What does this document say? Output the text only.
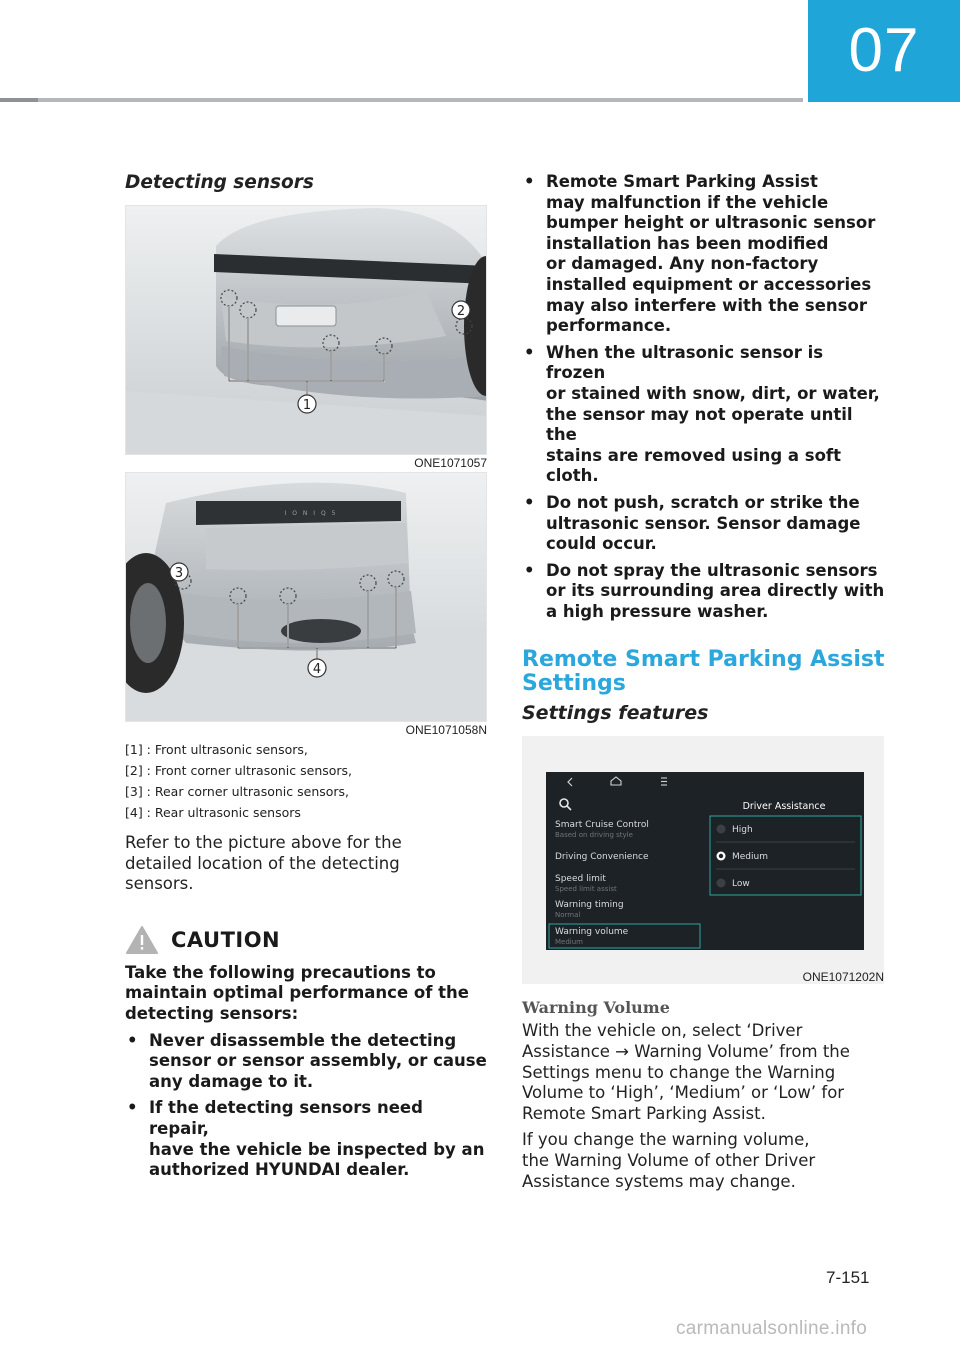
07
Detecting sensors
1
2
ONE1071057
I O N I Q 5
3
4
ONE1071058N
[1] : Front ultrasonic sensors,
[2] : Front corner ultrasonic sensors,
[3] : Rear corner ultrasonic sensors,
[4] : Rear ultrasonic sensors
Refer to the picture above for the
detailed location of the detecting
sensors.
CAUTION
Take the following precautions to
maintain optimal performance of the
detecting sensors:
• Never disassemble the detecting
sensor or sensor assembly, or cause
any damage to it.
• If the detecting sensors need repair,
have the vehicle be inspected by an
authorized HYUNDAI dealer.
• Remote Smart Parking Assist
may malfunction if the vehicle
bumper height or ultrasonic sensor
installation has been modified
or damaged. Any non-factory
installed equipment or accessories
may also interfere with the sensor
performance.
• When the ultrasonic sensor is frozen
or stained with snow, dirt, or water,
the sensor may not operate until the
stains are removed using a soft cloth.
• Do not push, scratch or strike the
ultrasonic sensor. Sensor damage
could occur.
• Do not spray the ultrasonic sensors
or its surrounding area directly with
a high pressure washer.
Remote Smart Parking Assist
Settings
Settings features
Driver Assistance
Smart Cruise Control
Based on driving style
Driving Convenience
Speed limit
Speed limit assist
Warning timing
Normal
Warning volume
Medium
High
Medium
Low
ONE1071202N
Warning Volume
With the vehicle on, select ‘Driver
Assistance → Warning Volume’ from the
Settings menu to change the Warning
Volume to ‘High’, ‘Medium’ or ‘Low’ for
Remote Smart Parking Assist.
If you change the warning volume,
the Warning Volume of other Driver
Assistance systems may change.
7-151
carmanualsonline.info
